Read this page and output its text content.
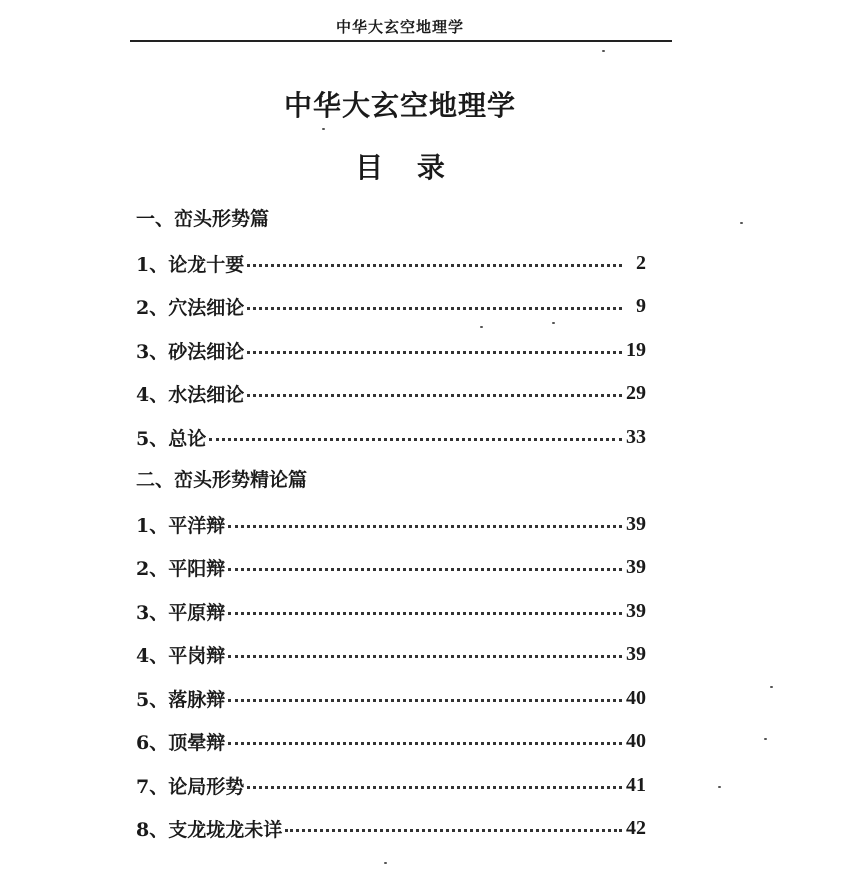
中华大玄空地理学
中华大玄空地理学
目 录
一、峦头形势篇
1、论龙十要	2
2、穴法细论	9
3、砂法细论	19
4、水法细论	29
5、总论	33
二、峦头形势精论篇
1、平洋辩	39
2、平阳辩	39
3、平原辩	39
4、平岗辩	39
5、落脉辩	40
6、顶晕辩	40
7、论局形势	41
8、支龙垅龙未详	42
